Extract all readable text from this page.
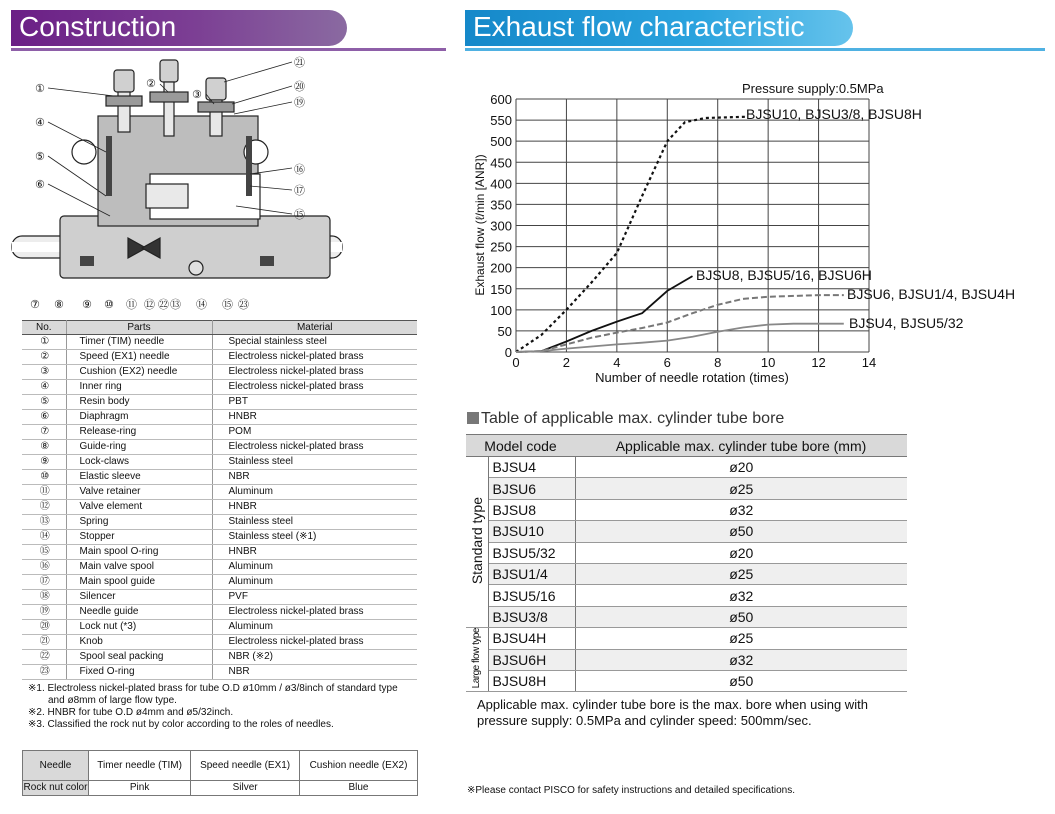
Construction	Exhaust flow characteristic
①	②
③
④
⑤
⑥
⑦ ⑧ ⑨ ⑩ ⑪ ⑫ ⑬ ⑭ ⑮
⑯
⑰
⑮
⑳
⑲
㉑
㉒	㉓
No.	Parts	Material
①	Timer (TIM) needle	Special stainless steel
②	Speed (EX1) needle	Electroless nickel-plated brass
③	Cushion (EX2) needle	Electroless nickel-plated brass
④	Inner ring	Electroless nickel-plated brass
⑤	Resin body	PBT
⑥	Diaphragm	HNBR
⑦	Release-ring	POM
⑧	Guide-ring	Electroless nickel-plated brass
⑨	Lock-claws	Stainless steel
⑩	Elastic sleeve	NBR
⑪	Valve retainer	Aluminum
⑫	Valve element	HNBR
⑬	Spring	Stainless steel
⑭	Stopper	Stainless steel (※1)
⑮	Main spool O-ring	HNBR
⑯	Main valve spool	Aluminum
⑰	Main spool guide	Aluminum
⑱	Silencer	PVF
⑲	Needle guide	Electroless nickel-plated brass
⑳	Lock nut (*3)	Aluminum
㉑	Knob	Electroless nickel-plated brass
㉒	Spool seal packing	NBR (※2)
㉓	Fixed O-ring	NBR
※1. Electroless nickel-plated brass for tube O.D ø10mm / ø3/8inch of standard type
and ø8mm of large flow type.
※2. HNBR for tube O.D ø4mm and ø5/32inch.
※3. Classified the rock nut by color according to the roles of needles.
Needle	Timer needle (TIM)	Speed needle (EX1)	Cushion needle (EX2)
Rock nut color	Pink	Silver	Blue
0	2	4	6	8	10	12	14
0
50
100
150
200
250
300
350
400
450
500
550
600
Pressure supply:0.5MPa
Number of needle rotation (times)
Exhaust flow (ℓ/min [ANR])
BJSU10, BJSU3/8, BJSU8H
BJSU8, BJSU5/16, BJSU6H
BJSU6, BJSU1/4, BJSU4H
BJSU4, BJSU5/32
Table of applicable max. cylinder tube bore
Model code		Applicable max. cylinder tube bore (mm)
Standard type	BJSU4	ø20
	BJSU6	ø25
	BJSU8	ø32
	BJSU10	ø50
	BJSU5/32	ø20
	BJSU1/4	ø25
	BJSU5/16	ø32
	BJSU3/8	ø50
Large flow type	BJSU4H	ø25
	BJSU6H	ø32
	BJSU8H	ø50
Applicable max. cylinder tube bore is the max. bore when using with
pressure supply: 0.5MPa and cylinder speed: 500mm/sec.
※Please contact PISCO for safety instructions and detailed specifications.
